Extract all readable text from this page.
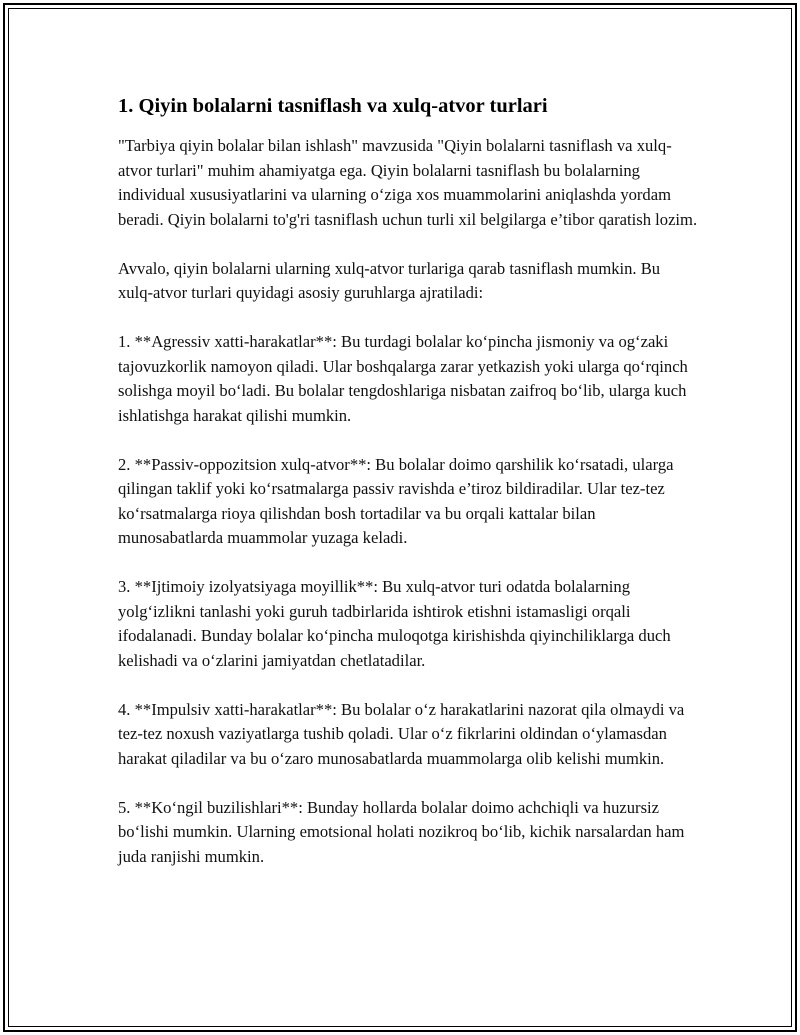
1. Qiyin bolalarni tasniflash va xulq-atvor turlari

"Tarbiya qiyin bolalar bilan ishlash" mavzusida "Qiyin bolalarni tasniflash va xulq-atvor turlari" muhim ahamiyatga ega. Qiyin bolalarni tasniflash bu bolalarning individual xususiyatlarini va ularning o‘ziga xos muammolarini aniqlashda yordam beradi. Qiyin bolalarni to'g'ri tasniflash uchun turli xil belgilarga e’tibor qaratish lozim.

Avvalo, qiyin bolalarni ularning xulq-atvor turlariga qarab tasniflash mumkin. Bu xulq-atvor turlari quyidagi asosiy guruhlarga ajratiladi:

1. **Agressiv xatti-harakatlar**: Bu turdagi bolalar ko‘pincha jismoniy va og‘zaki tajovuzkorlik namoyon qiladi. Ular boshqalarga zarar yetkazish yoki ularga qo‘rqinch solishga moyil bo‘ladi. Bu bolalar tengdoshlariga nisbatan zaifroq bo‘lib, ularga kuch ishlatishga harakat qilishi mumkin.

2. **Passiv-oppozitsion xulq-atvor**: Bu bolalar doimo qarshilik ko‘rsatadi, ularga qilingan taklif yoki ko‘rsatmalarga passiv ravishda e’tiroz bildiradilar. Ular tez-tez ko‘rsatmalarga rioya qilishdan bosh tortadilar va bu orqali kattalar bilan munosabatlarda muammolar yuzaga keladi.

3. **Ijtimoiy izolyatsiyaga moyillik**: Bu xulq-atvor turi odatda bolalarning yolg‘izlikni tanlashi yoki guruh tadbirlarida ishtirok etishni istamasligi orqali ifodalanadi. Bunday bolalar ko‘pincha muloqotga kirishishda qiyinchiliklarga duch kelishadi va o‘zlarini jamiyatdan chetlatadilar.

4. **Impulsiv xatti-harakatlar**: Bu bolalar o‘z harakatlarini nazorat qila olmaydi va tez-tez noxush vaziyatlarga tushib qoladi. Ular o‘z fikrlarini oldindan o‘ylamasdan harakat qiladilar va bu o‘zaro munosabatlarda muammolarga olib kelishi mumkin.

5. **Ko‘ngil buzilishlari**: Bunday hollarda bolalar doimo achchiqli va huzursiz bo‘lishi mumkin. Ularning emotsional holati nozikroq bo‘lib, kichik narsalardan ham juda ranjishi mumkin.
